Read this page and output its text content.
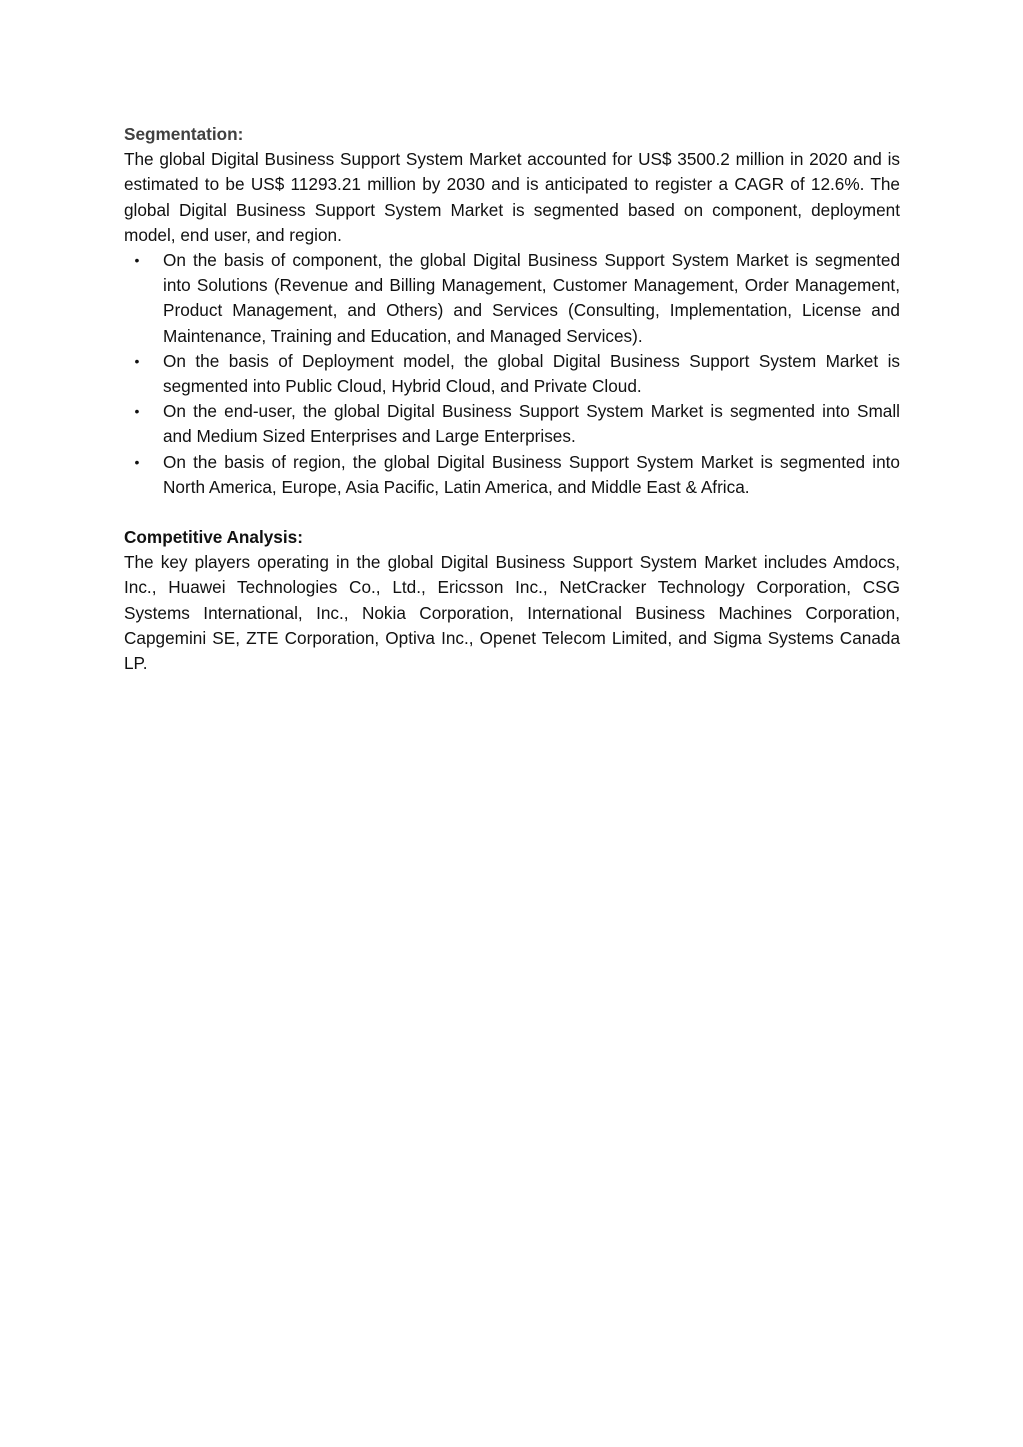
Segmentation:

The global Digital Business Support System Market accounted for US$ 3500.2 million in 2020 and is estimated to be US$ 11293.21 million by 2030 and is anticipated to register a CAGR of 12.6%. The global Digital Business Support System Market is segmented based on component, deployment model, end user, and region.

• On the basis of component, the global Digital Business Support System Market is segmented into Solutions (Revenue and Billing Management, Customer Management, Order Management, Product Management, and Others) and Services (Consulting, Implementation, License and Maintenance, Training and Education, and Managed Services).
• On the basis of Deployment model, the global Digital Business Support System Market is segmented into Public Cloud, Hybrid Cloud, and Private Cloud.
• On the end-user, the global Digital Business Support System Market is segmented into Small and Medium Sized Enterprises and Large Enterprises.
• On the basis of region, the global Digital Business Support System Market is segmented into North America, Europe, Asia Pacific, Latin America, and Middle East & Africa.

Competitive Analysis:

The key players operating in the global Digital Business Support System Market includes Amdocs, Inc., Huawei Technologies Co., Ltd., Ericsson Inc., NetCracker Technology Corporation, CSG Systems International, Inc., Nokia Corporation, International Business Machines Corporation, Capgemini SE, ZTE Corporation, Optiva Inc., Openet Telecom Limited, and Sigma Systems Canada LP.
